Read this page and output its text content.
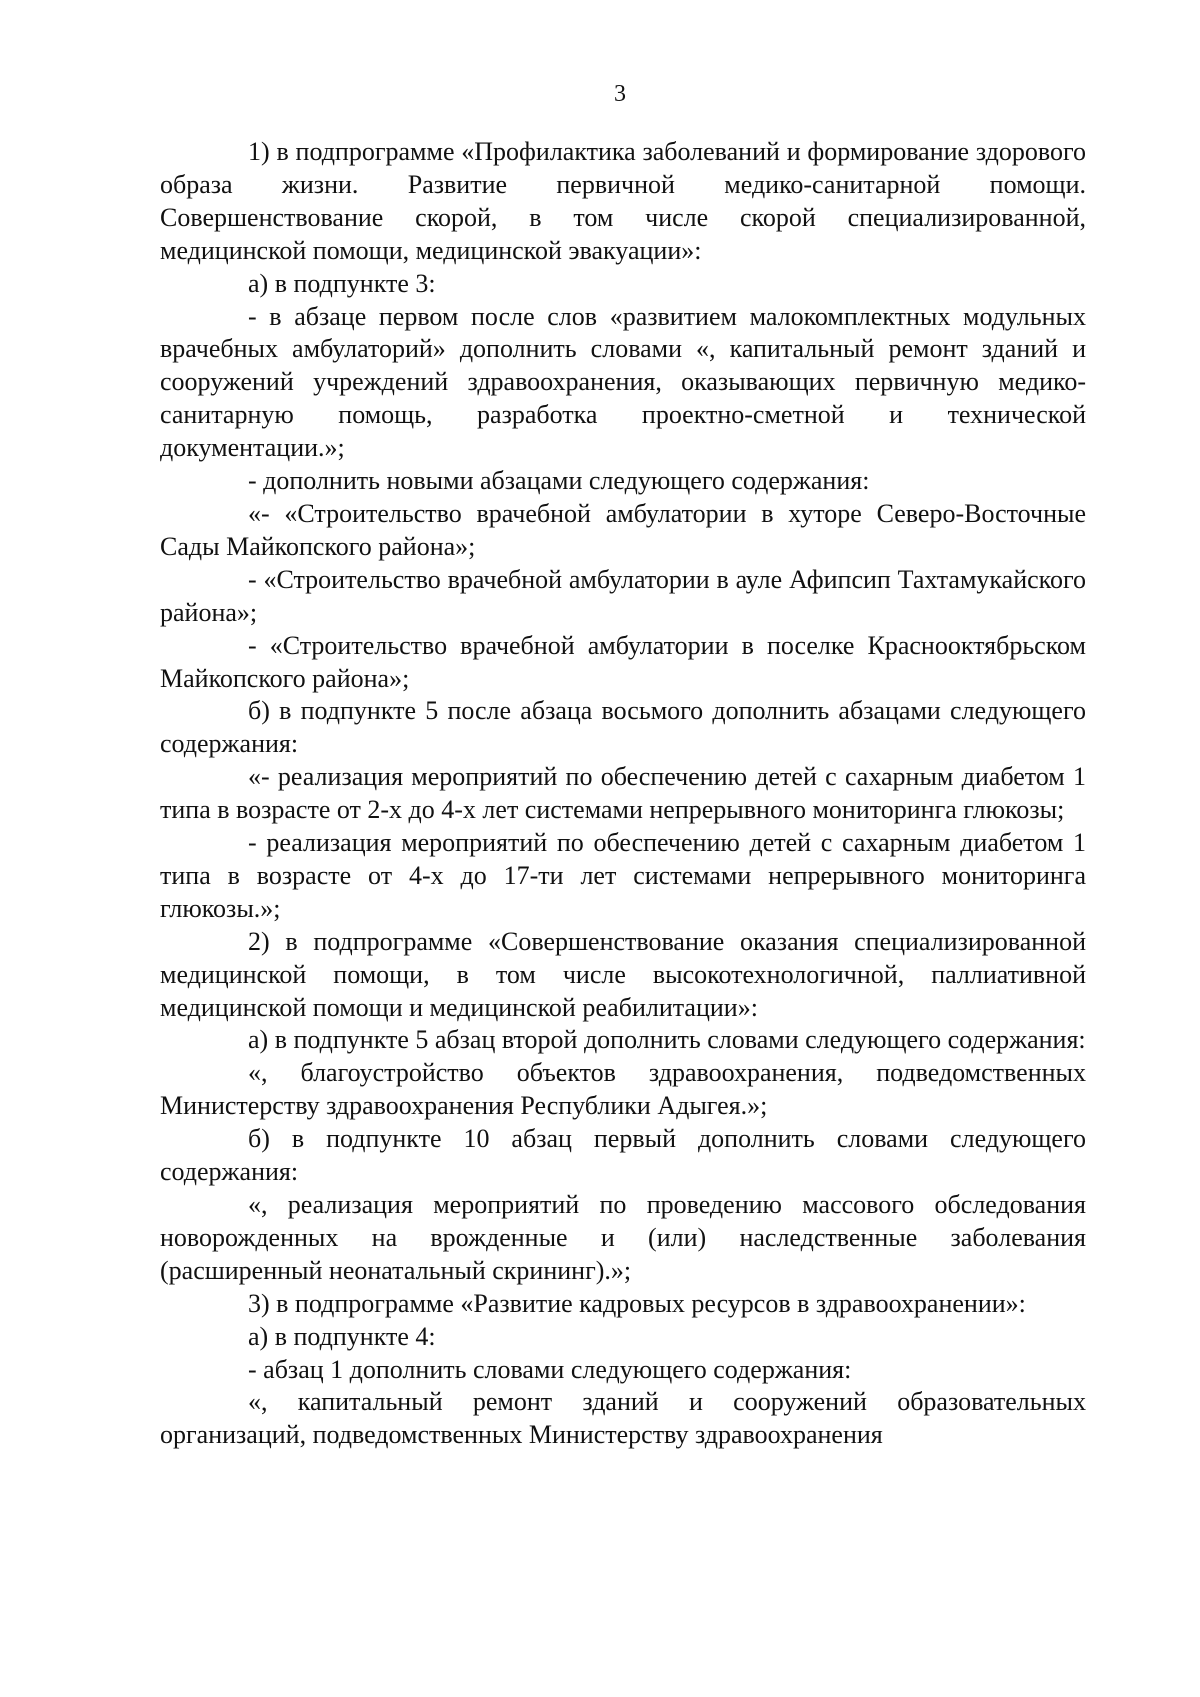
3

1) в подпрограмме «Профилактика заболеваний и формирование здорового образа жизни. Развитие первичной медико-санитарной помощи. Совершенствование скорой, в том числе скорой специализированной, медицинской помощи, медицинской эвакуации»:

а) в подпункте 3:

- в абзаце первом после слов «развитием малокомплектных модульных врачебных амбулаторий» дополнить словами «, капитальный ремонт зданий и сооружений учреждений здравоохранения, оказывающих первичную медико-санитарную помощь, разработка проектно-сметной и технической документации.»;

- дополнить новыми абзацами следующего содержания:

«- «Строительство врачебной амбулатории в хуторе Северо-Восточные Сады Майкопского района»;

- «Строительство врачебной амбулатории в ауле Афипсип Тахтамукайского района»;

- «Строительство врачебной амбулатории в поселке Краснооктябрьском Майкопского района»;

б) в подпункте 5 после абзаца восьмого дополнить абзацами следующего содержания:

«- реализация мероприятий по обеспечению детей с сахарным диабетом 1 типа в возрасте от 2-х до 4-х лет системами непрерывного мониторинга глюкозы;

- реализация мероприятий по обеспечению детей с сахарным диабетом 1 типа в возрасте от 4-х до 17-ти лет системами непрерывного мониторинга глюкозы.»;

2) в подпрограмме «Совершенствование оказания специализированной медицинской помощи, в том числе высокотехнологичной, паллиативной медицинской помощи и медицинской реабилитации»:

а) в подпункте 5 абзац второй дополнить словами следующего содержания:

«, благоустройство объектов здравоохранения, подведомственных Министерству здравоохранения Республики Адыгея.»;

б) в подпункте 10 абзац первый дополнить словами следующего содержания:

«, реализация мероприятий по проведению массового обследования новорожденных на врожденные и (или) наследственные заболевания (расширенный неонатальный скрининг).»;

3) в подпрограмме «Развитие кадровых ресурсов в здравоохранении»:

а) в подпункте 4:

- абзац 1 дополнить словами следующего содержания:

«, капитальный ремонт зданий и сооружений образовательных организаций, подведомственных Министерству здравоохранения
